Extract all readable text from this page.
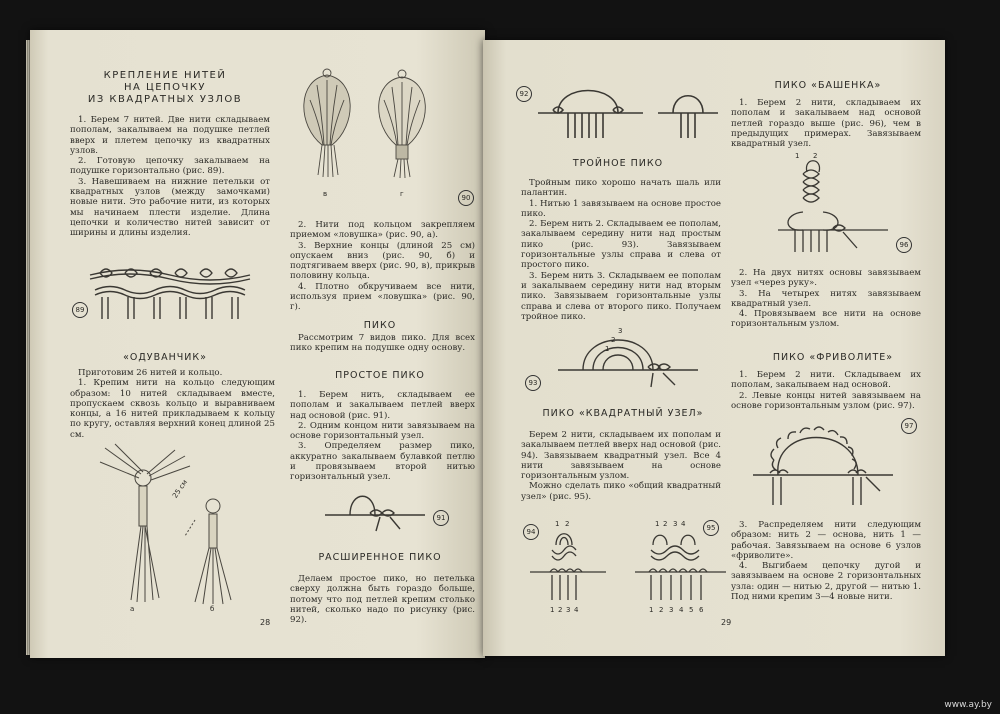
КРЕПЛЕНИЕ НИТЕЙ
НА ЦЕПОЧКУ
ИЗ КВАДРАТНЫХ УЗЛОВ

1. Берем 7 нитей. Две нити складываем пополам, закалываем на подушке петлей вверх и плетем цепочку из квадратных узлов.

2. Готовую цепочку закалываем на подушке горизонтально (рис. 89).

3. Навешиваем на нижние петельки от квадратных узлов (между замочками) новые нити. Это рабочие нити, из которых мы начинаем плести изделие. Длина цепочки и количество нитей зависит от ширины и длины изделия.

89
«ОДУВАНЧИК»

Приготовим 26 нитей и кольцо.

1. Крепим нити на кольцо следующим образом: 10 нитей складываем вместе, пропускаем сквозь кольцо и выравниваем концы, а 16 нитей прикладываем к кольцу по кругу, оставляя верхний конец длиной 25 см.

25 см
а	б
28
в	г	90

2. Нити под кольцом закрепляем приемом «ловушка» (рис. 90, а).

3. Верхние концы (длиной 25 см) опускаем вниз (рис. 90, б) и подтягиваем вверх (рис. 90, в), прикрыв половину кольца.

4. Плотно обкручиваем все нити, используя прием «ловушка» (рис. 90, г).

ПИКО

Рассмотрим 7 видов пико. Для всех пико крепим на подушке одну основу.

ПРОСТОЕ ПИКО

1. Берем нить, складываем ее пополам и закалываем петлей вверх над основой (рис. 91).

2. Одним концом нити завязываем на основе горизонтальный узел.

3. Определяем размер пико, аккуратно закалываем булавкой петлю и провязываем второй нитью горизонтальный узел.

91
РАСШИРЕННОЕ ПИКО

Делаем простое пико, но петелька сверху должна быть гораздо больше, потому что под петлей крепим столько нитей, сколько надо по рисунку (рис. 92).

92
ТРОЙНОЕ ПИКО

Тройным пико хорошо начать шаль или палантин.

1. Нитью 1 завязываем на основе простое пико.

2. Берем нить 2. Складываем ее пополам, закалываем середину нити над простым пико (рис. 93). Завязываем горизонтальные узлы справа и слева от простого пико.

3. Берем нить 3. Складываем ее пополам и закалываем середину нити над вторым пико. Завязываем горизонтальные узлы справа и слева от второго пико. Получаем тройное пико.

3
2
1
93
ПИКО «КВАДРАТНЫЙ УЗЕЛ»

Берем 2 нити, складываем их пополам и закалываем петлей вверх над основой (рис. 94). Завязываем квадратный узел. Все 4 нити завязываем на основе горизонтальным узлом.

Можно сделать пико «общий квадратный узел» (рис. 95).

94
1 2
1 2 3 4
95
1 2 3 4
1 2 3 4 5 6
29
ПИКО «БАШЕНКА»

1. Берем 2 нити, складываем их пополам и закалываем над основой петлей гораздо выше (рис. 96), чем в предыдущих примерах. Завязываем квадратный узел.

1 2
96

2. На двух нитях основы завязываем узел «через руку».

3. На четырех нитях завязываем квадратный узел.

4. Провязываем все нити на основе горизонтальным узлом.

ПИКО «ФРИВОЛИТЕ»

1. Берем 2 нити. Складываем их пополам, закалываем над основой.

2. Левые концы нитей завязываем на основе горизонтальным узлом (рис. 97).

97

3. Распределяем нити следующим образом: нить 2 — основа, нить 1 — рабочая. Завязываем на основе 6 узлов «фриволите».

4. Выгибаем цепочку дугой и завязываем на основе 2 горизонтальных узла: один — нитью 2, другой — нитью 1. Под ними крепим 3—4 новые нити.

www.ay.by
